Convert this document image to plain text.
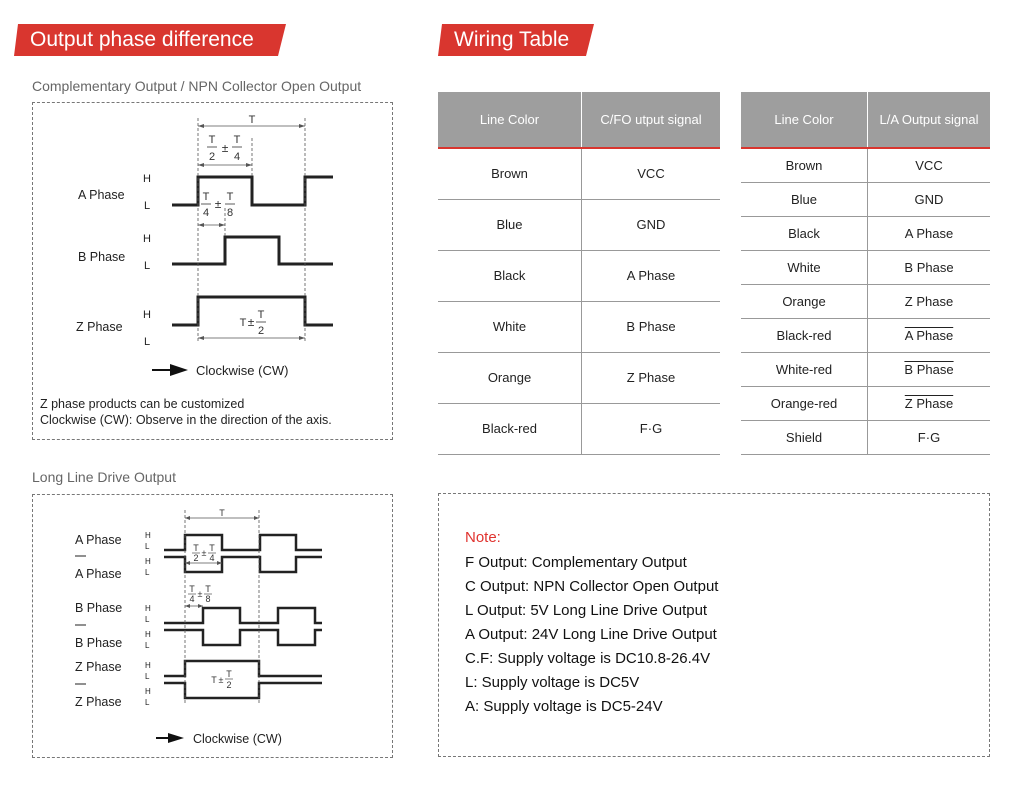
Output phase difference	Wiring Table
Complementary Output / NPN Collector Open Output
Long Line Drive Output
T
T
2
±
T
4
T
4
± T
8
T ± T
2
A Phase
B Phase
Z Phase
H
L
H
L
H
L
Clockwise (CW)
Z phase products can be customized
Clockwise (CW): Observe in the direction of the axis.
T
T
2 ± T
4
T
4 ± T
8
T ±
T
2
A Phase
A Phase
B Phase
B Phase
Z Phase
Z Phase
H
L
H
L
H
L
H
L
H
L
H
L
Clockwise (CW)
Line Color	C/FO utput signal
Brown	VCC
Blue	GND
Black	A Phase
White	B Phase
Orange	Z Phase
Black-red	F·G
Line Color	L/A Output signal
Brown	VCC
Blue	GND
Black	A Phase
White	B Phase
Orange	Z Phase
Black-red	A Phase
White-red	B Phase
Orange-red	Z Phase
Shield	F·G
Note:
F Output: Complementary Output
C Output: NPN Collector Open Output
L Output: 5V Long Line Drive Output
A Output: 24V Long Line Drive Output
C.F: Supply voltage is DC10.8-26.4V
L: Supply voltage is DC5V
A: Supply voltage is DC5-24V
